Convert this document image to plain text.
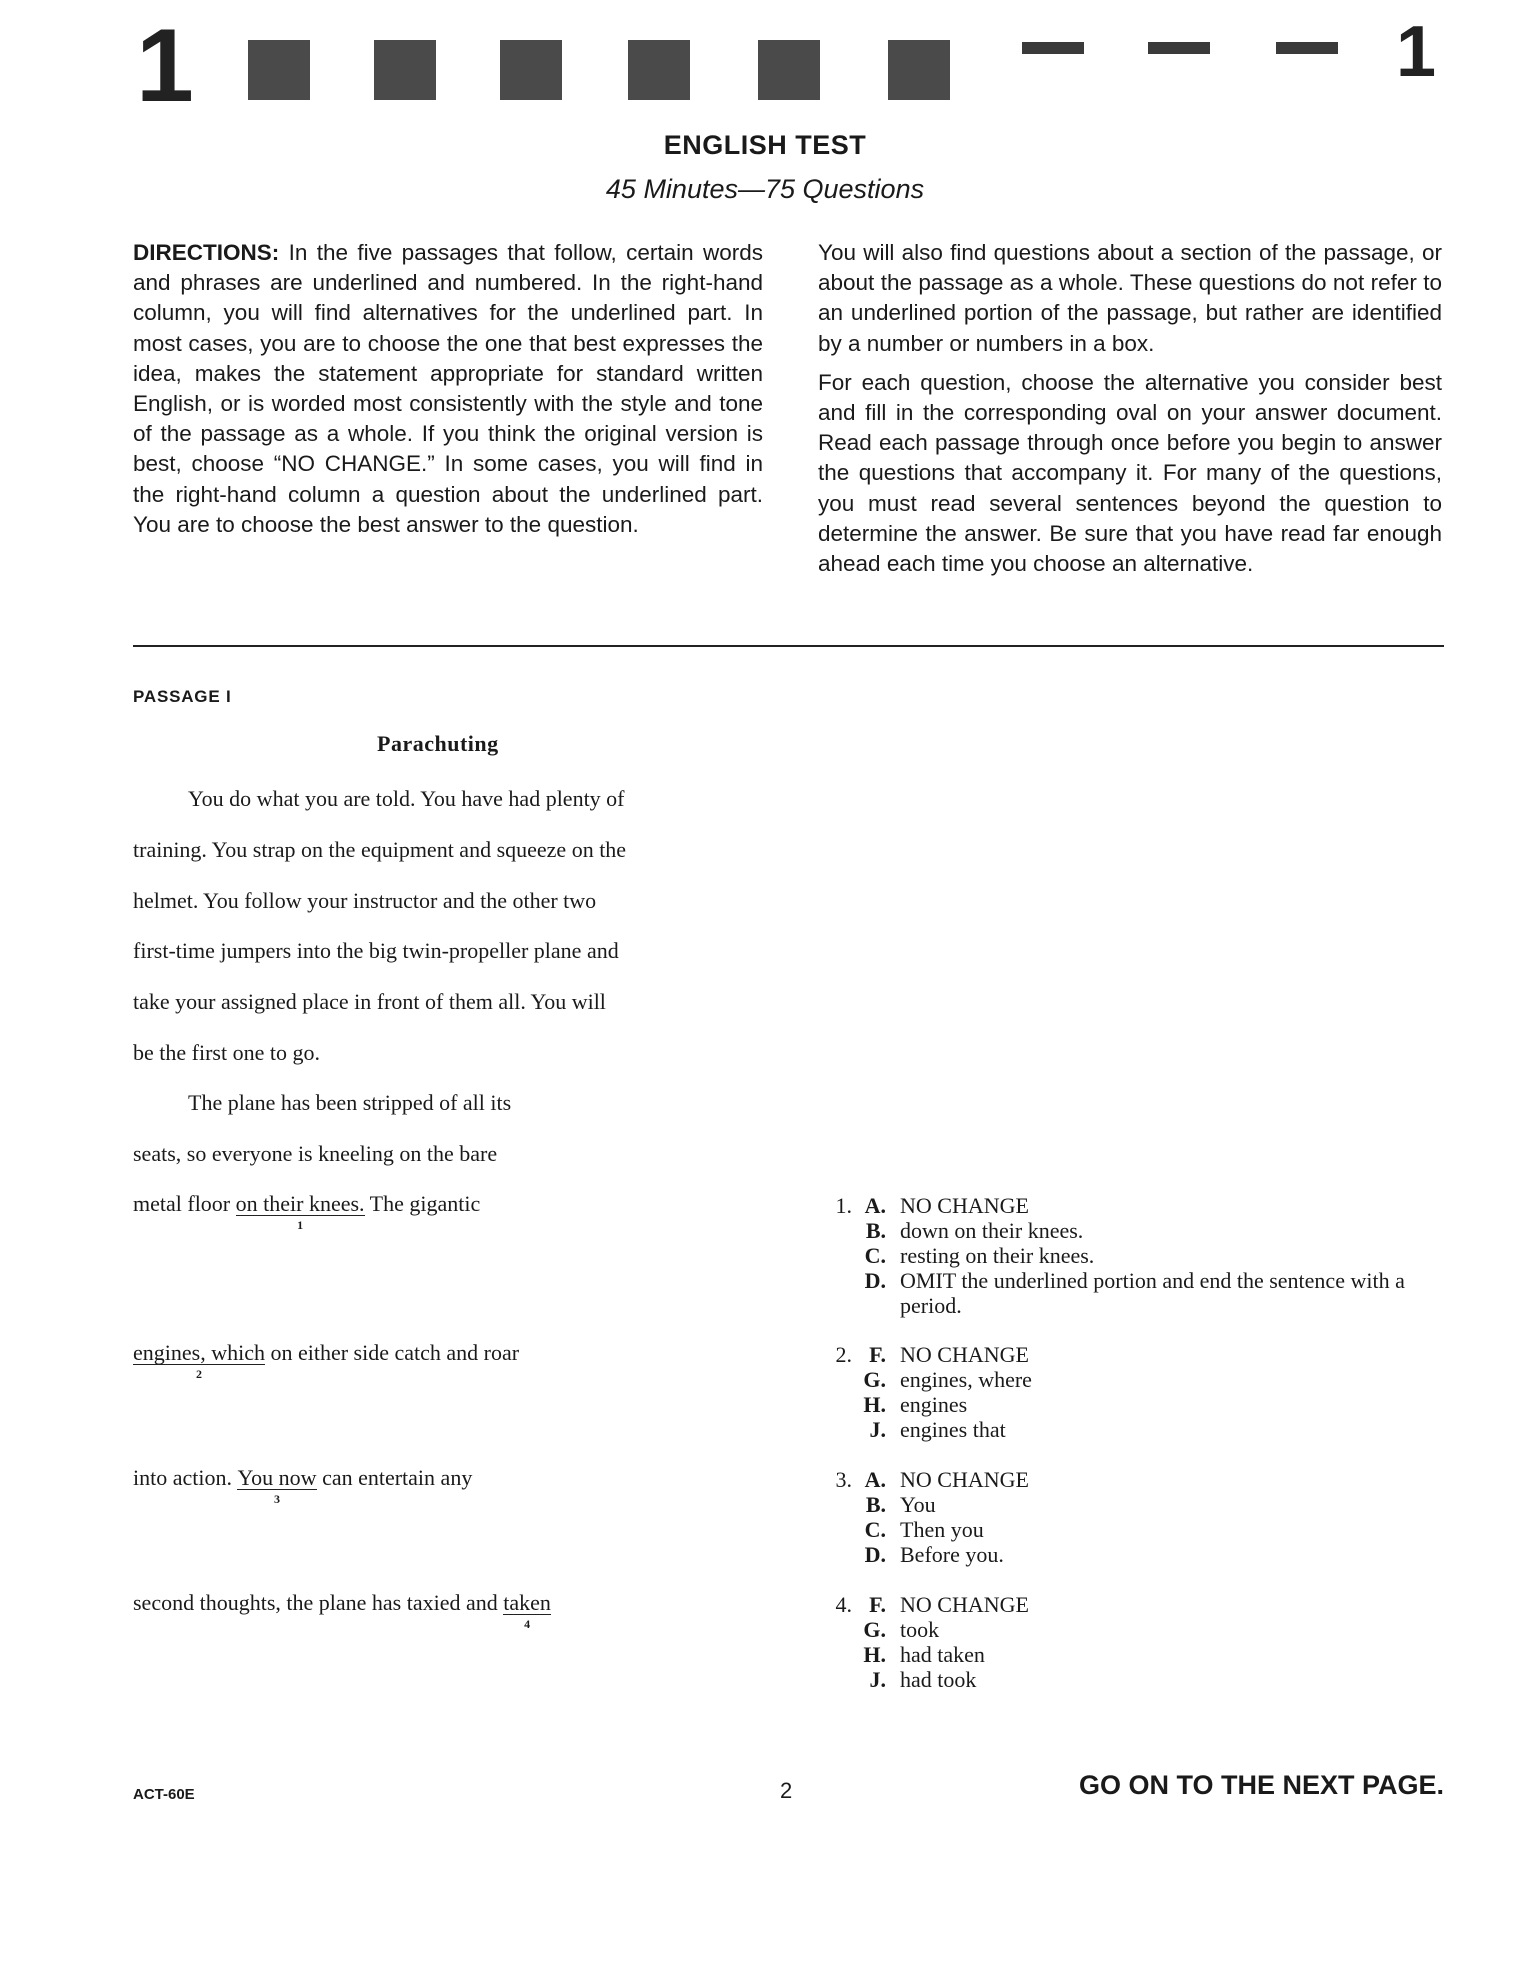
1	1
ENGLISH TEST
45 Minutes—75 Questions

DIRECTIONS: In the five passages that follow, certain words and phrases are underlined and numbered. In the right-hand column, you will find alternatives for the underlined part. In most cases, you are to choose the one that best expresses the idea, makes the statement appropriate for standard written English, or is worded most consistently with the style and tone of the passage as a whole. If you think the original version is best, choose “NO CHANGE.” In some cases, you will find in the right-hand column a question about the underlined part. You are to choose the best answer to the question.

You will also find questions about a section of the passage, or about the passage as a whole. These questions do not refer to an underlined portion of the passage, but rather are identified by a number or numbers in a box.

For each question, choose the alternative you consider best and fill in the corresponding oval on your answer document. Read each passage through once before you begin to answer the questions that accompany it. For many of the questions, you must read several sentences beyond the question to determine the answer. Be sure that you have read far enough ahead each time you choose an alternative.

PASSAGE I
Parachuting
You do what you are told. You have had plenty of
training. You strap on the equipment and squeeze on the
helmet. You follow your instructor and the other two
first-time jumpers into the big twin-propeller plane and
take your assigned place in front of them all. You will
be the first one to go.
The plane has been stripped of all its
seats, so everyone is kneeling on the bare
metal floor on their knees.
1
The gigantic
engines, which
2
on either side catch and roar
into action. You now
3
can entertain any
second thoughts, the plane has taxied and taken
4
1. A. NO CHANGE
B. down on their knees.
C. resting on their knees.
D. OMIT the underlined portion and end the sentence with a period.
2. F. NO CHANGE
G. engines, where
H. engines
J. engines that
3. A. NO CHANGE
B. You
C. Then you
D. Before you.
4. F. NO CHANGE
G. took
H. had taken
J. had took
ACT-60E	2	GO ON TO THE NEXT PAGE.
